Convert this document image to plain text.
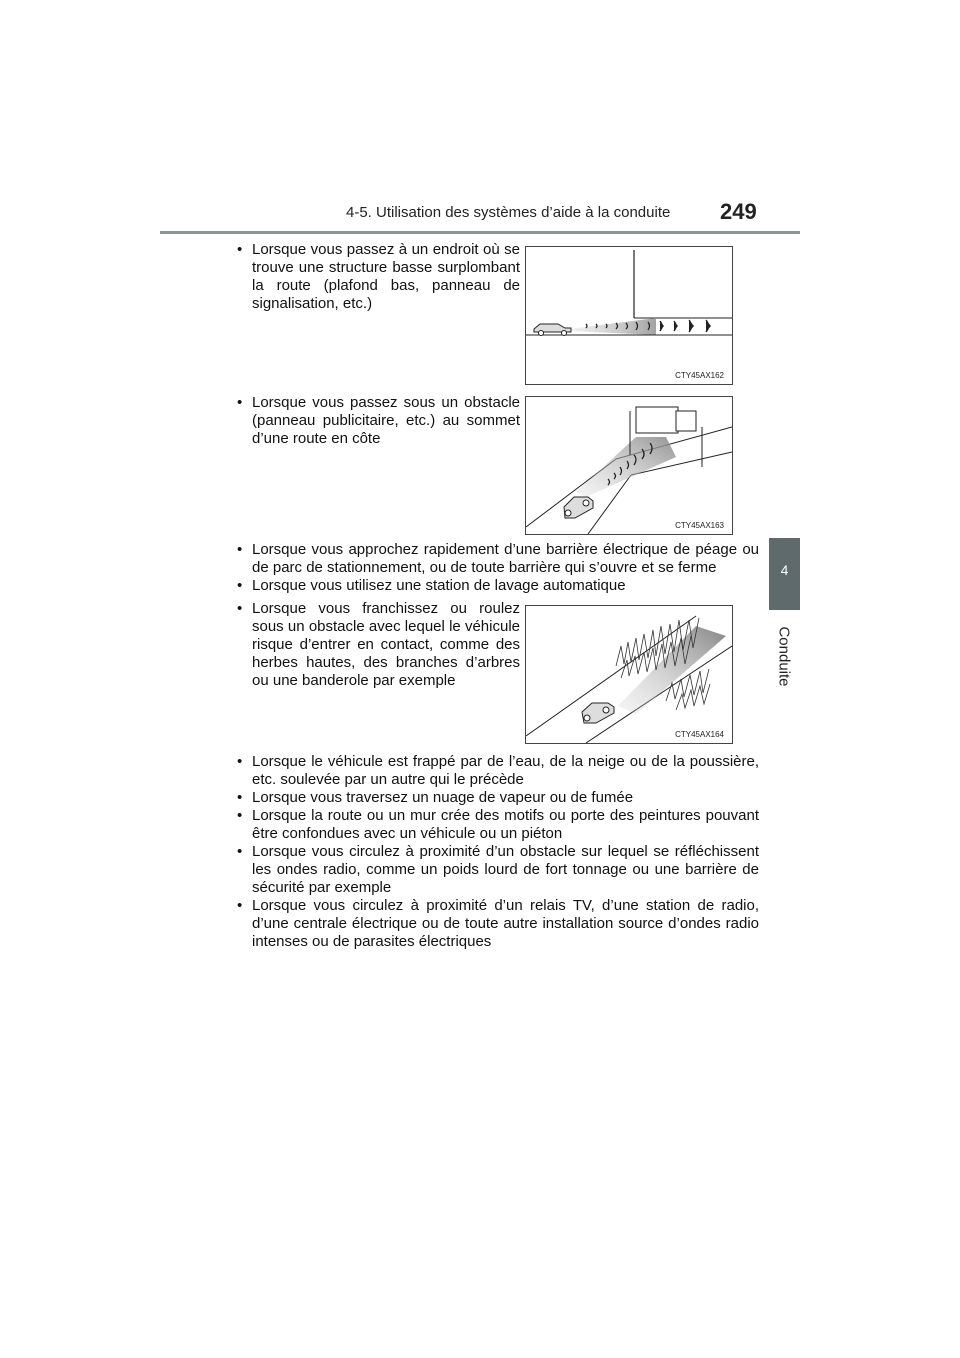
4-5. Utilisation des systèmes d’aide à la conduite 249
4
Conduite
• Lorsque vous passez à un endroit où se trouve une structure basse surplombant la route (plafond bas, panneau de signalisation, etc.)
CTY45AX162
• Lorsque vous passez sous un obstacle (panneau publicitaire, etc.) au sommet d’une route en côte
CTY45AX163
• Lorsque vous approchez rapidement d’une barrière électrique de péage ou de parc de stationnement, ou de toute barrière qui s’ouvre et se ferme
• Lorsque vous utilisez une station de lavage automatique
• Lorsque vous franchissez ou roulez sous un obstacle avec lequel le véhicule risque d’entrer en contact, comme des herbes hautes, des branches d’arbres ou une banderole par exemple
CTY45AX164
• Lorsque le véhicule est frappé par de l’eau, de la neige ou de la poussière, etc. soulevée par un autre qui le précède
• Lorsque vous traversez un nuage de vapeur ou de fumée
• Lorsque la route ou un mur crée des motifs ou porte des peintures pouvant être confondues avec un véhicule ou un piéton
• Lorsque vous circulez à proximité d’un obstacle sur lequel se réfléchissent les ondes radio, comme un poids lourd de fort tonnage ou une barrière de sécurité par exemple
• Lorsque vous circulez à proximité d’un relais TV, d’une station de radio, d’une centrale électrique ou de toute autre installation source d’ondes radio intenses ou de parasites électriques
